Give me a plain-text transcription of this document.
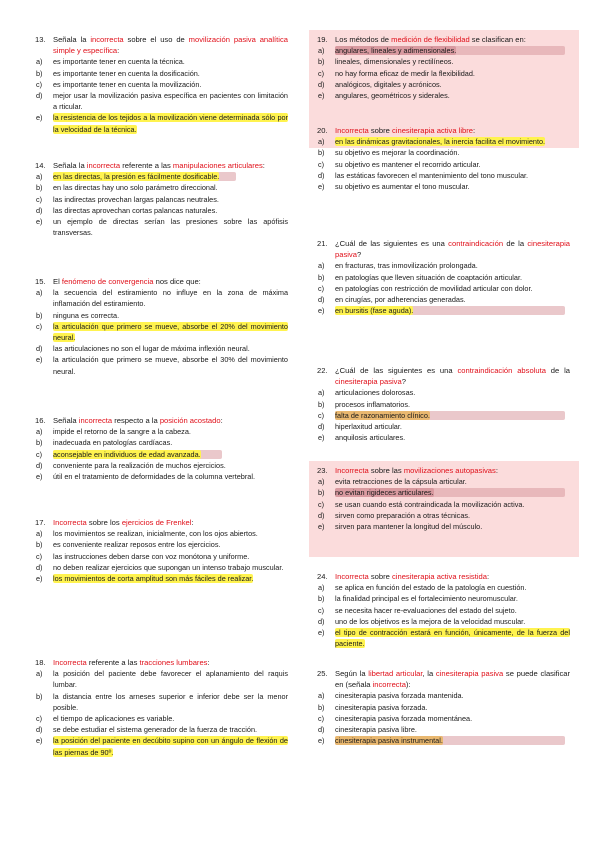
13. Señala la incorrecta sobre el uso de movilización pasiva analítica simple y específica:
a)	es importante tener en cuenta la técnica.
b)	es importante tener en cuenta la dosificación.
c)	es importante tener en cuenta la movilización.
d)	mejor usar la movilización pasiva específica en pacientes con limitación a rticular.
e)	la resistencia de los tejidos a la movilización viene determinada sólo por la velocidad de la técnica.
14. Señala la incorrecta referente a las manipulaciones articulares:
a)	en las directas, la presión es fácilmente dosificable.
b)	en las directas hay uno solo parámetro direccional.
c)	las indirectas provechan largas palancas neutrales.
d)	las directas aprovechan cortas palancas naturales.
e)	un ejemplo de directas serían las presiones sobre las apófisis transversas.
15. El fenómeno de convergencia nos dice que:
a)	la secuencia del estiramiento no influye en la zona de máxima inflamación del estiramiento.
b)	ninguna es correcta.
c)	la articulación que primero se mueve, absorbe el 20% del movimiento neural.
d)	las articulaciones no son el lugar de máxima inflexión neural.
e)	la articulación que primero se mueve, absorbe el 30% del movimiento neural.
16. Señala incorrecta respecto a la posición acostado:
a)	impide el retorno de la sangre a la cabeza.
b)	inadecuada en patologías cardíacas.
c)	aconsejable en individuos de edad avanzada.
d)	conveniente para la realización de muchos ejercicios.
e)	útil en el tratamiento de deformidades de la columna vertebral.
17. Incorrecta sobre los ejercicios de Frenkel:
a)	los movimientos se realizan, inicialmente, con los ojos abiertos.
b)	es conveniente realizar reposos entre los ejercicios.
c)	las instrucciones deben darse con voz monótona y uniforme.
d)	no deben realizar ejercicios que supongan un intenso trabajo muscular.
e)	los movimientos de corta amplitud son más fáciles de realizar.
18. Incorrecta referente a las tracciones lumbares:
a)	la posición del paciente debe favorecer el aplanamiento del raquis lumbar.
b)	la distancia entre los arneses superior e inferior debe ser la menor posible.
c)	el tiempo de aplicaciones es variable.
d)	se debe estudiar el sistema generador de la fuerza de tracción.
e)	la posición del paciente en decúbito supino con un ángulo de flexión de las piernas de 90º.
19. Los métodos de medición de flexibilidad se clasifican en:
a)	angulares, lineales y adimensionales.
b)	lineales, dimensionales y rectilíneos.
c)	no hay forma eficaz de medir la flexibilidad.
d)	analógicos, digitales y acrónicos.
e)	angulares, geométricos y siderales.
20. Incorrecta sobre cinesiterapia activa libre:
a)	en las dinámicas gravitacionales, la inercia facilita el movimiento.
b)	su objetivo es mejorar la coordinación.
c)	su objetivo es mantener el recorrido articular.
d)	las estáticas favorecen el mantenimiento del tono muscular.
e)	su objetivo es aumentar el tono muscular.
21. ¿Cuál de las siguientes es una contraindicación de la cinesiterapia pasiva?
a)	en fracturas, tras inmovilización prolongada.
b)	en patologías que lleven situación de coaptación articular.
c)	en patologías con restricción de movilidad articular con dolor.
d)	en cirugías, por adherencias generadas.
e)	en bursitis (fase aguda).
22. ¿Cuál de las siguientes es una contraindicación absoluta de la cinesiterapia pasiva?
a)	articulaciones dolorosas.
b)	procesos inflamatorios.
c)	falta de razonamiento clínico.
d)	hiperlaxitud articular.
e)	anquilosis articulares.
23. Incorrecta sobre las movilizaciones autopasivas:
a)	evita retracciones de la cápsula articular.
b)	no evitan rigideces articulares.
c)	se usan cuando está contraindicada la movilización activa.
d)	sirven como preparación a otras técnicas.
e)	sirven para mantener la longitud del músculo.
24. Incorrecta sobre cinesiterapia activa resistida:
a)	se aplica en función del estado de la patología en cuestión.
b)	la finalidad principal es el fortalecimiento neuromuscular.
c)	se necesita hacer re-evaluaciones del estado del sujeto.
d)	uno de los objetivos es la mejora de la velocidad muscular.
e)	el tipo de contracción estará en función, únicamente, de la fuerza del paciente.
25. Según la libertad articular, la cinesiterapia pasiva se puede clasificar en (señala incorrecta):
a)	cinesiterapia pasiva forzada mantenida.
b)	cinesiterapia pasiva forzada.
c)	cinesiterapia pasiva forzada momentánea.
d)	cinesiterapia pasiva libre.
e)	cinesiterapia pasiva instrumental.
